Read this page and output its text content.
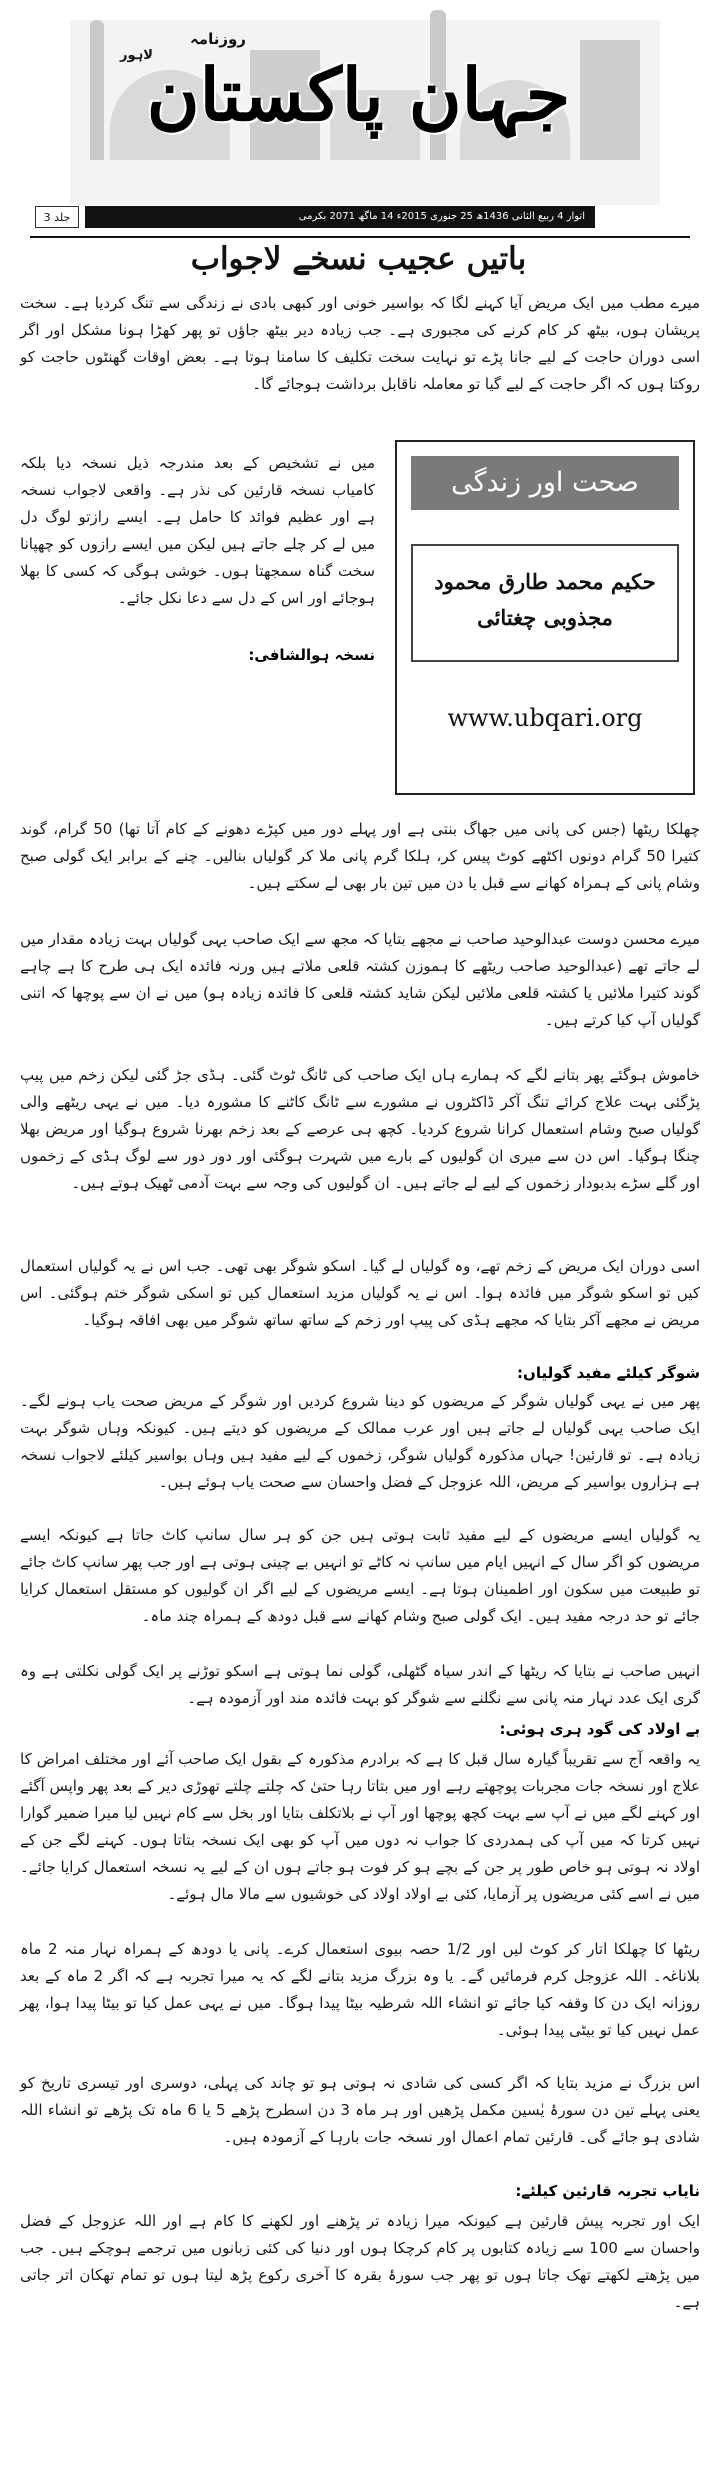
روزنامہ
لاہور
جہان پاکستان
جلد 3	اتوار 4 ربیع الثانی 1436ھ 25 جنوری 2015ء 14 ماگھ 2071 بکرمی
باتیں عجیب نسخے لاجواب

میرے مطب میں ایک مریض آیا کہنے لگا کہ بواسیر خونی اور کبھی بادی نے زندگی سے تنگ کردیا ہے۔ سخت پریشان ہوں، بیٹھ کر کام کرنے کی مجبوری ہے۔ جب زیادہ دیر بیٹھ جاؤں تو پھر کھڑا ہونا مشکل اور اگر اسی دوران حاجت کے لیے جانا پڑے تو نہایت سخت تکلیف کا سامنا ہوتا ہے۔ بعض اوقات گھنٹوں حاجت کو روکتا ہوں کہ اگر حاجت کے لیے گیا تو معاملہ ناقابل برداشت ہوجائے گا۔

میں نے تشخیص کے بعد مندرجہ ذیل نسخہ دیا بلکہ کامیاب نسخہ قارئین کی نذر ہے۔ واقعی لاجواب نسخہ ہے اور عظیم فوائد کا حامل ہے۔ ایسے رازتو لوگ دل میں لے کر چلے جاتے ہیں لیکن میں ایسے رازوں کو چھپانا سخت گناہ سمجھتا ہوں۔ خوشی ہوگی کہ کسی کا بھلا ہوجائے اور اس کے دل سے دعا نکل جائے۔

نسخہ ہوالشافی:
صحت اور زندگی
حکیم محمد طارق محمود مجذوبی چغتائی
www.ubqari.org

چھلکا ریٹھا (جس کی پانی میں جھاگ بنتی ہے اور پہلے دور میں کپڑے دھونے کے کام آتا تھا) 50 گرام، گوند کتیرا 50 گرام دونوں اکٹھے کوٹ پیس کر، ہلکا گرم پانی ملا کر گولیاں بنالیں۔ چنے کے برابر ایک گولی صبح وشام پانی کے ہمراہ کھانے سے قبل یا دن میں تین بار بھی لے سکتے ہیں۔

میرے محسن دوست عبدالوحید صاحب نے مجھے بتایا کہ مجھ سے ایک صاحب یہی گولیاں بہت زیادہ مقدار میں لے جاتے تھے (عبدالوحید صاحب ریٹھے کا ہموزن کشتہ قلعی ملاتے ہیں ورنہ فائدہ ایک ہی طرح کا ہے چاہے گوند کتیرا ملائیں یا کشتہ قلعی ملائیں لیکن شاید کشتہ قلعی کا فائدہ زیادہ ہو) میں نے ان سے پوچھا کہ اتنی گولیاں آپ کیا کرتے ہیں۔

خاموش ہوگئے پھر بتانے لگے کہ ہمارے ہاں ایک صاحب کی ٹانگ ٹوٹ گئی۔ ہڈی جڑ گئی لیکن زخم میں پیپ پڑگئی بہت علاج کرائے تنگ آکر ڈاکٹروں نے مشورے سے ٹانگ کاٹنے کا مشورہ دیا۔ میں نے یہی ریٹھے والی گولیاں صبح وشام استعمال کرانا شروع کردیا۔ کچھ ہی عرصے کے بعد زخم بھرنا شروع ہوگیا اور مریض بھلا چنگا ہوگیا۔ اس دن سے میری ان گولیوں کے بارے میں شہرت ہوگئی اور دور دور سے لوگ ہڈی کے زخموں اور گلے سڑے بدبودار زخموں کے لیے لے جاتے ہیں۔ ان گولیوں کی وجہ سے بہت آدمی ٹھیک ہوتے ہیں۔

اسی دوران ایک مریض کے زخم تھے، وہ گولیاں لے گیا۔ اسکو شوگر بھی تھی۔ جب اس نے یہ گولیاں استعمال کیں تو اسکو شوگر میں فائدہ ہوا۔ اس نے یہ گولیاں مزید استعمال کیں تو اسکی شوگر ختم ہوگئی۔ اس مریض نے مجھے آکر بتایا کہ مجھے ہڈی کی پیپ اور زخم کے ساتھ ساتھ شوگر میں بھی افاقہ ہوگیا۔

شوگر کیلئے مفید گولیاں:

پھر میں نے یہی گولیاں شوگر کے مریضوں کو دینا شروع کردیں اور شوگر کے مریض صحت یاب ہونے لگے۔ ایک صاحب یہی گولیاں لے جاتے ہیں اور عرب ممالک کے مریضوں کو دیتے ہیں۔ کیونکہ وہاں شوگر بہت زیادہ ہے۔ تو قارئین! جہاں مذکورہ گولیاں شوگر، زخموں کے لیے مفید ہیں وہاں بواسیر کیلئے لاجواب نسخہ ہے ہزاروں بواسیر کے مریض، اللہ عزوجل کے فضل واحسان سے صحت یاب ہوئے ہیں۔

یہ گولیاں ایسے مریضوں کے لیے مفید ثابت ہوتی ہیں جن کو ہر سال سانپ کاٹ جاتا ہے کیونکہ ایسے مریضوں کو اگر سال کے انہیں ایام میں سانپ نہ کاٹے تو انہیں بے چینی ہوتی ہے اور جب پھر سانپ کاٹ جائے تو طبیعت میں سکون اور اطمینان ہوتا ہے۔ ایسے مریضوں کے لیے اگر ان گولیوں کو مستقل استعمال کرایا جائے تو حد درجہ مفید ہیں۔ ایک گولی صبح وشام کھانے سے قبل دودھ کے ہمراہ چند ماہ۔

انہیں صاحب نے بتایا کہ ریٹھا کے اندر سیاہ گٹھلی، گولی نما ہوتی ہے اسکو توڑنے پر ایک گولی نکلتی ہے وہ گری ایک عدد نہار منہ پانی سے نگلنے سے شوگر کو بہت فائدہ مند اور آزمودہ ہے۔

بے اولاد کی گود ہری ہوئی:

یہ واقعہ آج سے تقریباً گیارہ سال قبل کا ہے کہ برادرم مذکورہ کے بقول ایک صاحب آئے اور مختلف امراض کا علاج اور نسخہ جات مجربات پوچھتے رہے اور میں بتاتا رہا حتیٰ کہ چلتے چلتے تھوڑی دیر کے بعد پھر واپس آگئے اور کہنے لگے میں نے آپ سے بہت کچھ پوچھا اور آپ نے بلاتکلف بتایا اور بخل سے کام نہیں لیا میرا ضمیر گوارا نہیں کرتا کہ میں آپ کی ہمدردی کا جواب نہ دوں میں آپ کو بھی ایک نسخہ بتاتا ہوں۔ کہنے لگے جن کے اولاد نہ ہوتی ہو خاص طور پر جن کے بچے ہو کر فوت ہو جاتے ہوں ان کے لیے یہ نسخہ استعمال کرایا جائے۔ میں نے اسے کئی مریضوں پر آزمایا، کئی بے اولاد اولاد کی خوشیوں سے مالا مال ہوئے۔

ریٹھا کا چھلکا اتار کر کوٹ لیں اور 1/2 حصہ بیوی استعمال کرے۔ پانی یا دودھ کے ہمراہ نہار منہ 2 ماہ بلاناغہ۔ اللہ عزوجل کرم فرمائیں گے۔ یا وہ بزرگ مزید بتانے لگے کہ یہ میرا تجربہ ہے کہ اگر 2 ماہ کے بعد روزانہ ایک دن کا وقفہ کیا جائے تو انشاء اللہ شرطیہ بیٹا پیدا ہوگا۔ میں نے یہی عمل کیا تو بیٹا پیدا ہوا، پھر عمل نہیں کیا تو بیٹی پیدا ہوئی۔

اس بزرگ نے مزید بتایا کہ اگر کسی کی شادی نہ ہوتی ہو تو چاند کی پہلی، دوسری اور تیسری تاریخ کو یعنی پہلے تین دن سورۂ یٰسین مکمل پڑھیں اور ہر ماہ 3 دن اسطرح پڑھے 5 یا 6 ماہ تک پڑھے تو انشاء اللہ شادی ہو جائے گی۔ قارئین تمام اعمال اور نسخہ جات بارہا کے آزمودہ ہیں۔

نایاب تجربہ قارئین کیلئے:

ایک اور تجربہ پیش قارئین ہے کیونکہ میرا زیادہ تر پڑھنے اور لکھنے کا کام ہے اور اللہ عزوجل کے فضل واحسان سے 100 سے زیادہ کتابوں پر کام کرچکا ہوں اور دنیا کی کئی زبانوں میں ترجمے ہوچکے ہیں۔ جب میں پڑھتے لکھتے تھک جاتا ہوں تو پھر جب سورۂ بقرہ کا آخری رکوع پڑھ لیتا ہوں تو تمام تھکان اتر جاتی ہے۔
